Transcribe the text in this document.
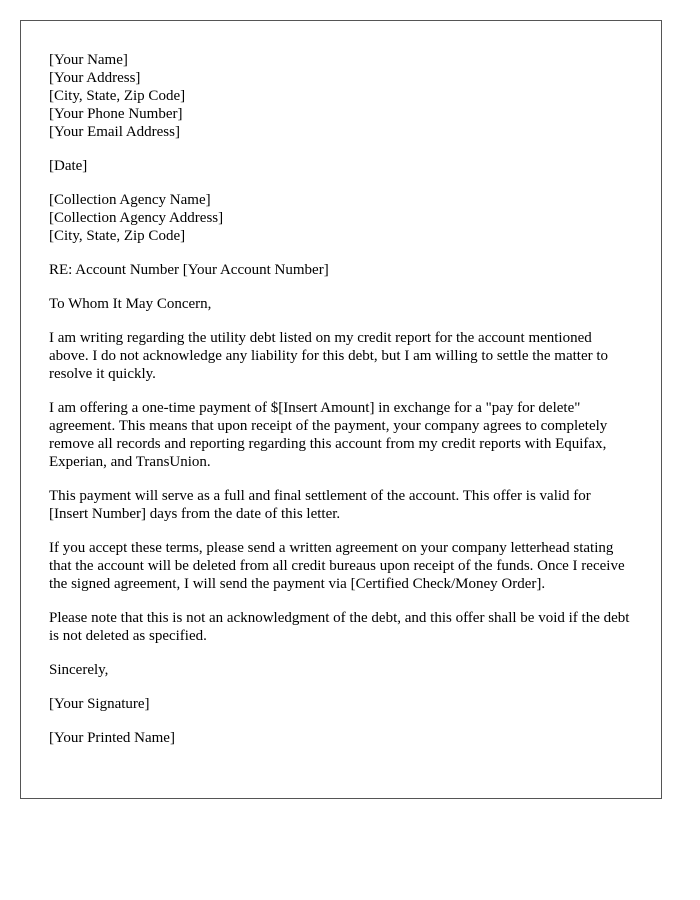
[Your Name]

[Your Address]

[City, State, Zip Code]

[Your Phone Number]

[Your Email Address]

[Date]

[Collection Agency Name]

[Collection Agency Address]

[City, State, Zip Code]

RE: Account Number [Your Account Number]

To Whom It May Concern,

I am writing regarding the utility debt listed on my credit report for the account mentioned above. I do not acknowledge any liability for this debt, but I am willing to settle the matter to resolve it quickly.

I am offering a one-time payment of $[Insert Amount] in exchange for a "pay for delete" agreement. This means that upon receipt of the payment, your company agrees to completely remove all records and reporting regarding this account from my credit reports with Equifax, Experian, and TransUnion.

This payment will serve as a full and final settlement of the account. This offer is valid for [Insert Number] days from the date of this letter.

If you accept these terms, please send a written agreement on your company letterhead stating that the account will be deleted from all credit bureaus upon receipt of the funds. Once I receive the signed agreement, I will send the payment via [Certified Check/Money Order].

Please note that this is not an acknowledgment of the debt, and this offer shall be void if the debt is not deleted as specified.

Sincerely,

[Your Signature]

[Your Printed Name]
